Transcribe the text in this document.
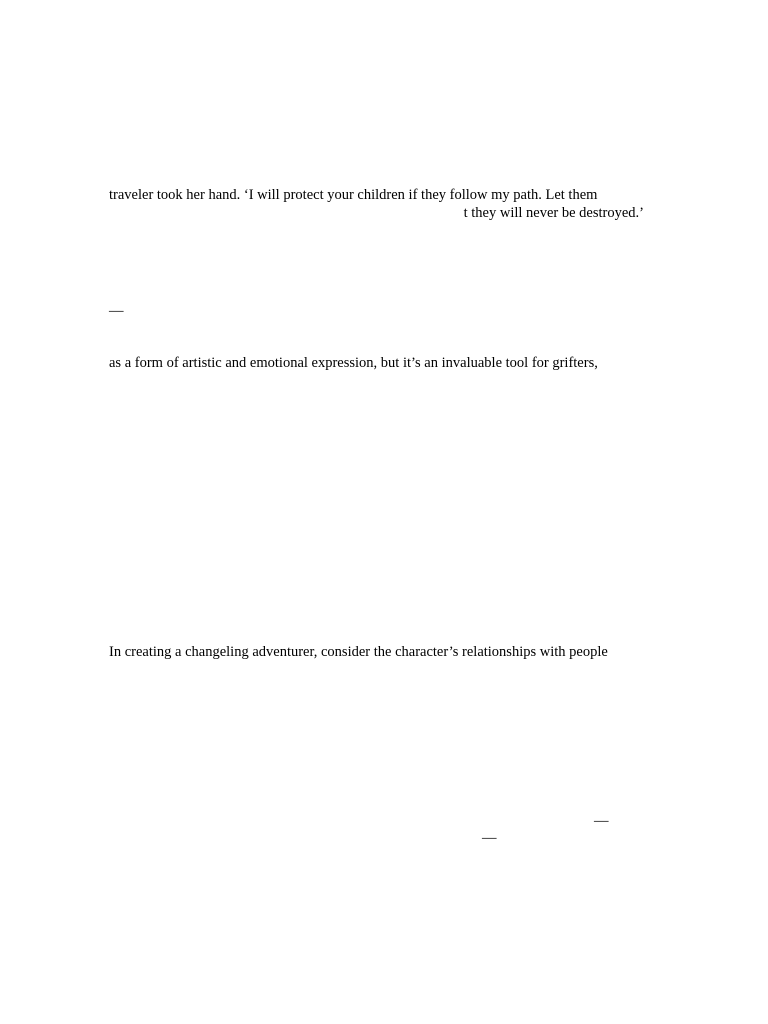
traveler took her hand. ‘I will protect your children if they follow my path. Let them
t they will never be destroyed.’
—
as a form of artistic and emotional expression, but it’s an invaluable tool for grifters,
In creating a changeling adventurer, consider the character’s relationships with people
—
—
